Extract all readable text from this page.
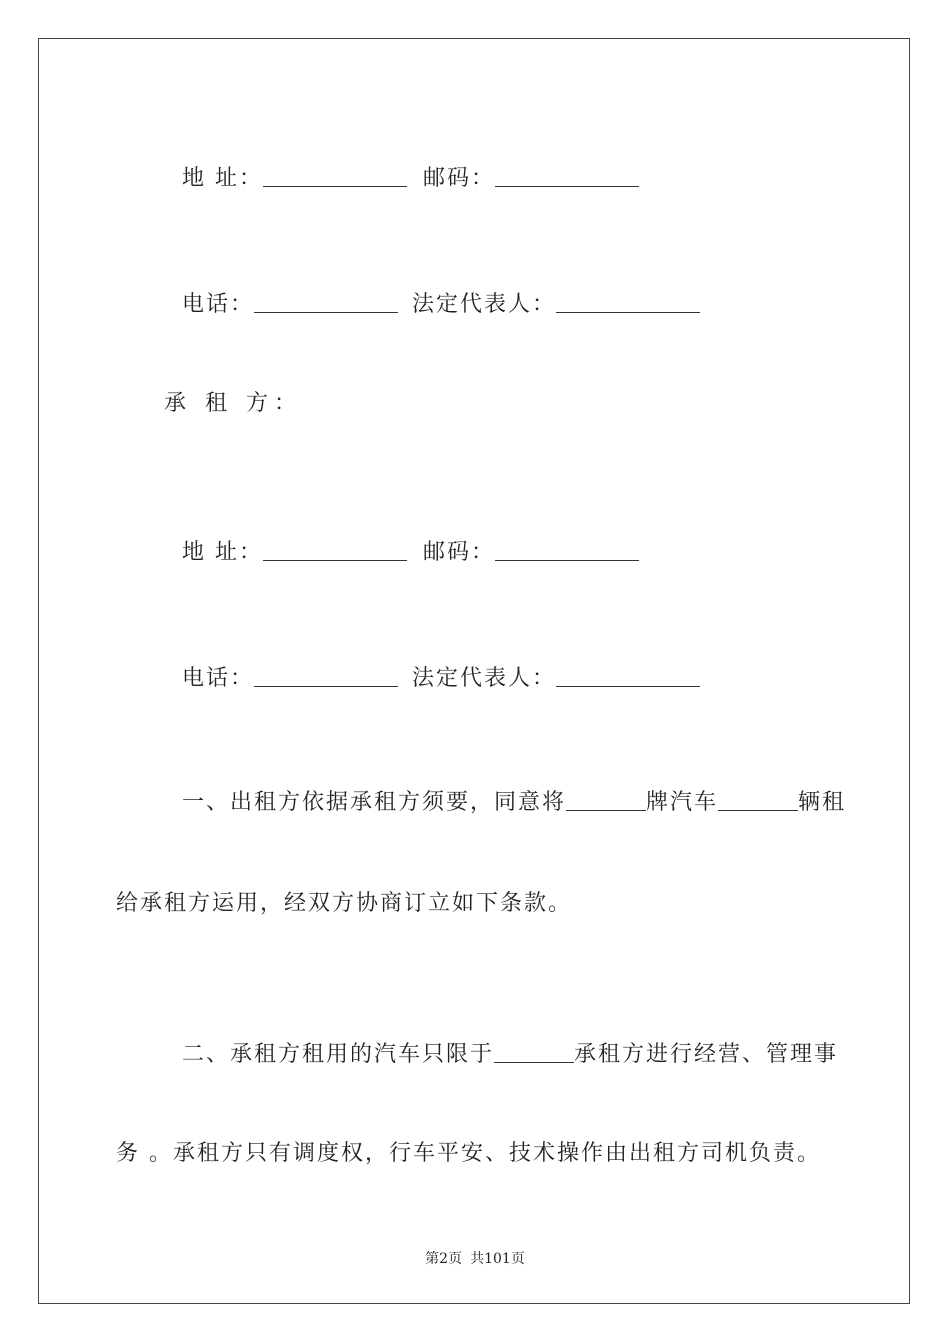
地 址：	邮码：

电话：	法定代表人：

承 租 方：

地 址：	邮码：

电话：	法定代表人：

一、出租方依据承租方须要，同意将	牌汽车	辆租

给承租方运用，经双方协商订立如下条款。

二、承租方租用的汽车只限于	承租方进行经营、管理事

务 。承租方只有调度权，行车平安、技术操作由出租方司机负责。
第2页 共101页
